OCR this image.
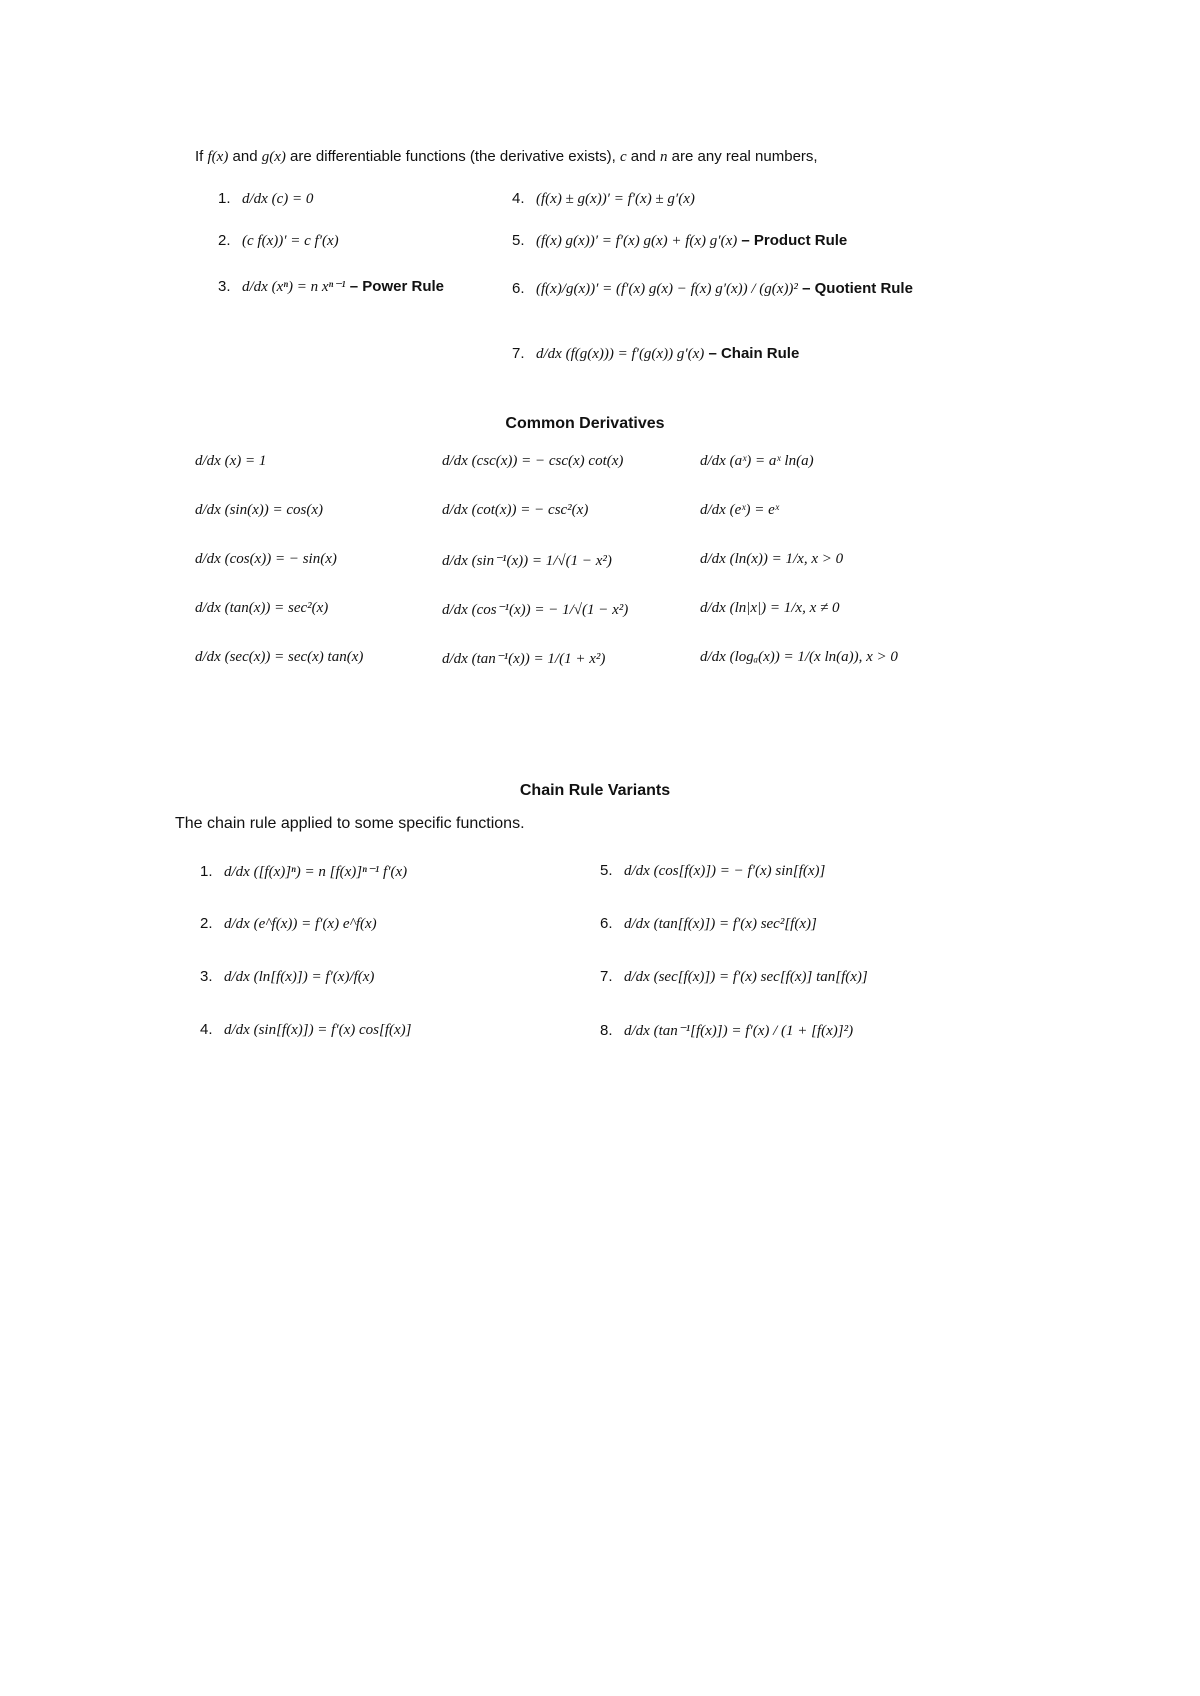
If f(x) and g(x) are differentiable functions (the derivative exists), c and n are any real numbers,
1. d/dx (c) = 0
2. (c f(x))′ = c f′(x)
3. d/dx (xⁿ) = n xⁿ⁻¹ – Power Rule
4. (f(x) ± g(x))′ = f′(x) ± g′(x)
5. (f(x) g(x))′ = f′(x) g(x) + f(x) g′(x) – Product Rule
6. (f(x)/g(x))′ = (f′(x) g(x) − f(x) g′(x)) / (g(x))² – Quotient Rule
7. d/dx (f(g(x))) = f′(g(x)) g′(x) – Chain Rule
Common Derivatives
d/dx (x) = 1
d/dx (sin(x)) = cos(x)
d/dx (cos(x)) = − sin(x)
d/dx (tan(x)) = sec²(x)
d/dx (sec(x)) = sec(x) tan(x)
d/dx (csc(x)) = − csc(x) cot(x)
d/dx (cot(x)) = − csc²(x)
d/dx (sin⁻¹(x)) = 1/√(1 − x²)
d/dx (cos⁻¹(x)) = − 1/√(1 − x²)
d/dx (tan⁻¹(x)) = 1/(1 + x²)
d/dx (aˣ) = aˣ ln(a)
d/dx (eˣ) = eˣ
d/dx (ln(x)) = 1/x, x > 0
d/dx (ln|x|) = 1/x, x ≠ 0
d/dx (logₐ(x)) = 1/(x ln(a)), x > 0
Chain Rule Variants
The chain rule applied to some specific functions.
1. d/dx ([f(x)]ⁿ) = n [f(x)]ⁿ⁻¹ f′(x)
2. d/dx (e^f(x)) = f′(x) e^f(x)
3. d/dx (ln[f(x)]) = f′(x)/f(x)
4. d/dx (sin[f(x)]) = f′(x) cos[f(x)]
5. d/dx (cos[f(x)]) = − f′(x) sin[f(x)]
6. d/dx (tan[f(x)]) = f′(x) sec²[f(x)]
7. d/dx (sec[f(x)]) = f′(x) sec[f(x)] tan[f(x)]
8. d/dx (tan⁻¹[f(x)]) = f′(x) / (1 + [f(x)]²)
